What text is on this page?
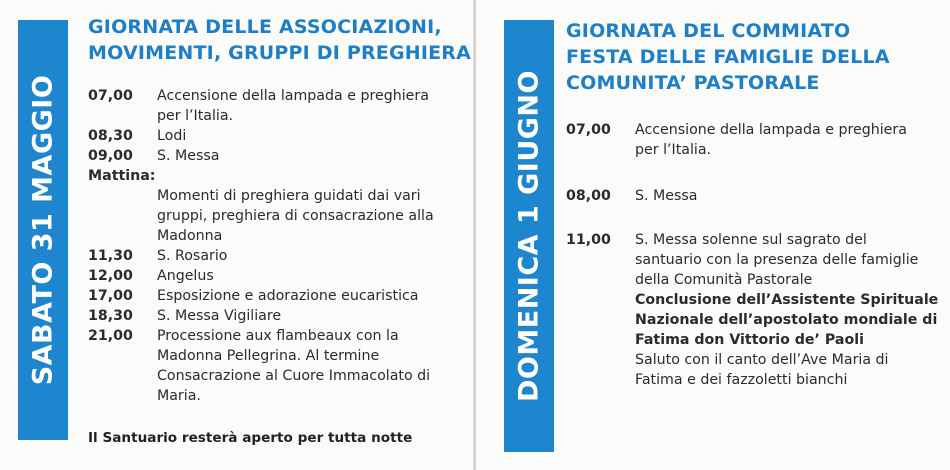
SABATO 31 MAGGIO
GIORNATA DELLE ASSOCIAZIONI,
MOVIMENTI, GRUPPI DI PREGHIERA
07,00	Accensione della lampada e preghiera
per l’Italia.
08,30	Lodi
09,00	S. Messa
Mattina:
Momenti di preghiera guidati dai vari
gruppi, preghiera di consacrazione alla
Madonna
11,30	S. Rosario
12,00	Angelus
17,00	Esposizione e adorazione eucaristica
18,30	S. Messa Vigiliare
21,00	Processione aux flambeaux con la
Madonna Pellegrina. Al termine
Consacrazione al Cuore Immacolato di
Maria.
Il Santuario resterà aperto per tutta notte
DOMENICA 1 GIUGNO
GIORNATA DEL COMMIATO
FESTA DELLE FAMIGLIE DELLA
COMUNITA’ PASTORALE
07,00	Accensione della lampada e preghiera
per l’Italia.
08,00	S. Messa
11,00	S. Messa solenne sul sagrato del
santuario con la presenza delle famiglie
della Comunità Pastorale
Conclusione dell’Assistente Spirituale
Nazionale dell’apostolato mondiale di
Fatima don Vittorio de’ Paoli
Saluto con il canto dell’Ave Maria di
Fatima e dei fazzoletti bianchi
